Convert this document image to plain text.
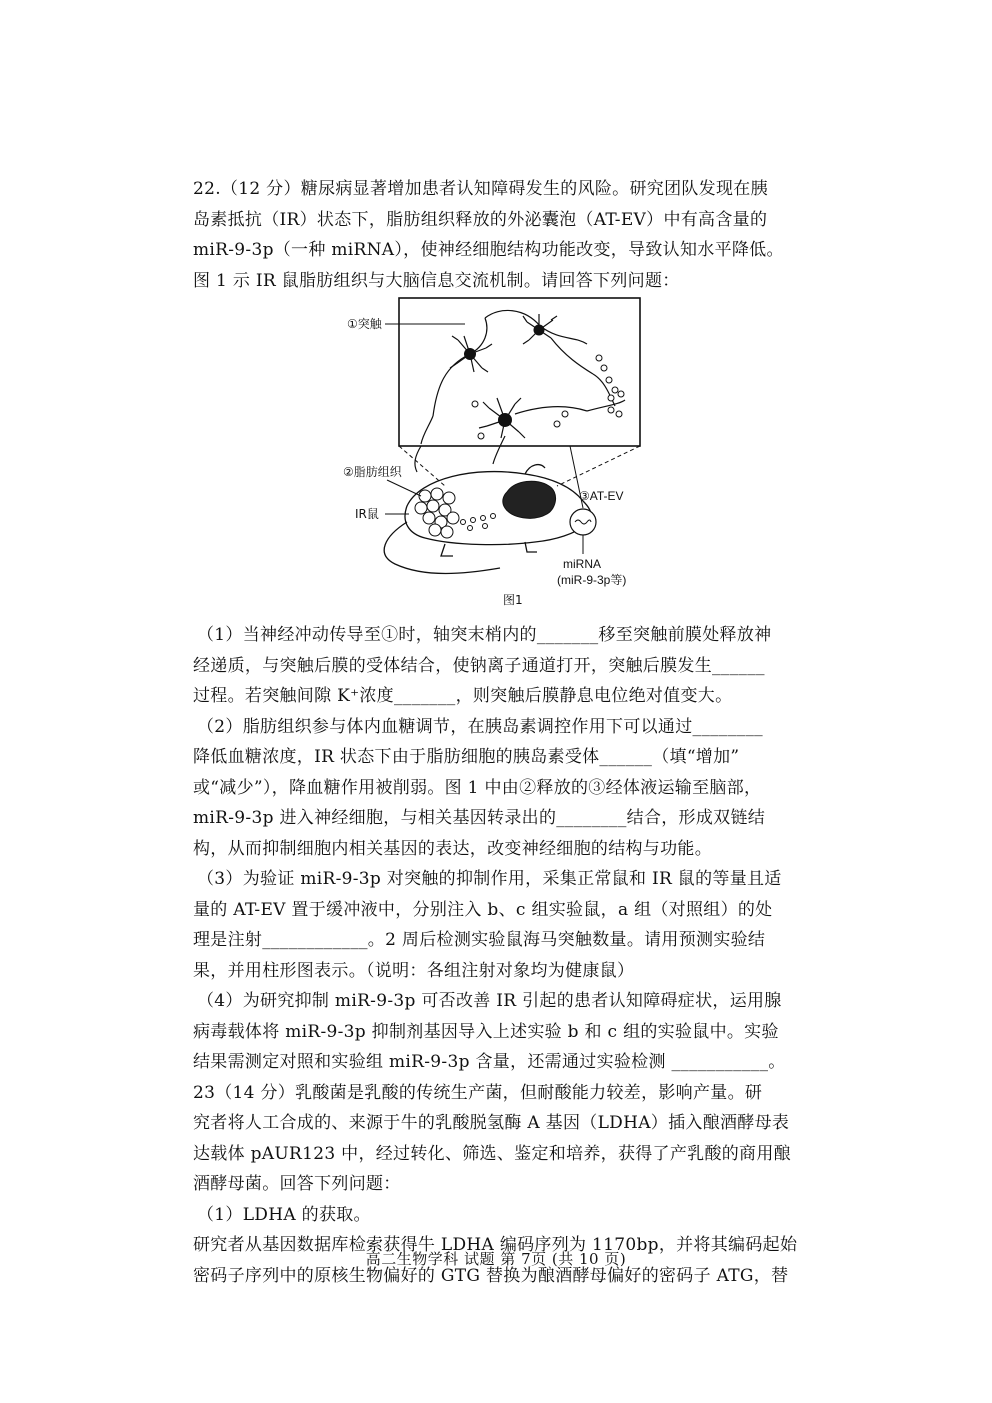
22.（12 分）糖尿病显著增加患者认知障碍发生的风险。研究团队发现在胰

岛素抵抗（IR）状态下，脂肪组织释放的外泌囊泡（AT-EV）中有高含量的

miR-9-3p（一种 miRNA），使神经细胞结构功能改变，导致认知水平降低。

图 1 示 IR 鼠脂肪组织与大脑信息交流机制。请回答下列问题：

①突触
②脂肪组织
IR鼠
③AT-EV
miRNA
(miR-9-3p等)
图1

（1）当神经冲动传导至①时，轴突末梢内的_______移至突触前膜处释放神

经递质，与突触后膜的受体结合，使钠离子通道打开，突触后膜发生______

过程。若突触间隙 K⁺浓度_______，则突触后膜静息电位绝对值变大。

（2）脂肪组织参与体内血糖调节，在胰岛素调控作用下可以通过________

降低血糖浓度，IR 状态下由于脂肪细胞的胰岛素受体______（填“增加”

或“减少”），降血糖作用被削弱。图 1 中由②释放的③经体液运输至脑部，

miR-9-3p 进入神经细胞，与相关基因转录出的________结合，形成双链结

构，从而抑制细胞内相关基因的表达，改变神经细胞的结构与功能。

（3）为验证 miR-9-3p 对突触的抑制作用，采集正常鼠和 IR 鼠的等量且适

量的 AT-EV 置于缓冲液中，分别注入 b、c 组实验鼠，a 组（对照组）的处

理是注射____________。2 周后检测实验鼠海马突触数量。请用预测实验结

果，并用柱形图表示。（说明：各组注射对象均为健康鼠）

（4）为研究抑制 miR-9-3p 可否改善 IR 引起的患者认知障碍症状，运用腺

病毒载体将 miR-9-3p 抑制剂基因导入上述实验 b 和 c 组的实验鼠中。实验

结果需测定对照和实验组 miR-9-3p 含量，还需通过实验检测 ___________。

23（14 分）乳酸菌是乳酸的传统生产菌，但耐酸能力较差，影响产量。研

究者将人工合成的、来源于牛的乳酸脱氢酶 A 基因（LDHA）插入酿酒酵母表

达载体 pAUR123 中，经过转化、筛选、鉴定和培养，获得了产乳酸的商用酿

酒酵母菌。回答下列问题：

（1）LDHA 的获取。

研究者从基因数据库检索获得牛 LDHA 编码序列为 1170bp，并将其编码起始

密码子序列中的原核生物偏好的 GTG 替换为酿酒酵母偏好的密码子 ATG，替

高二生物学科 试题 第 7页 (共 10 页)
